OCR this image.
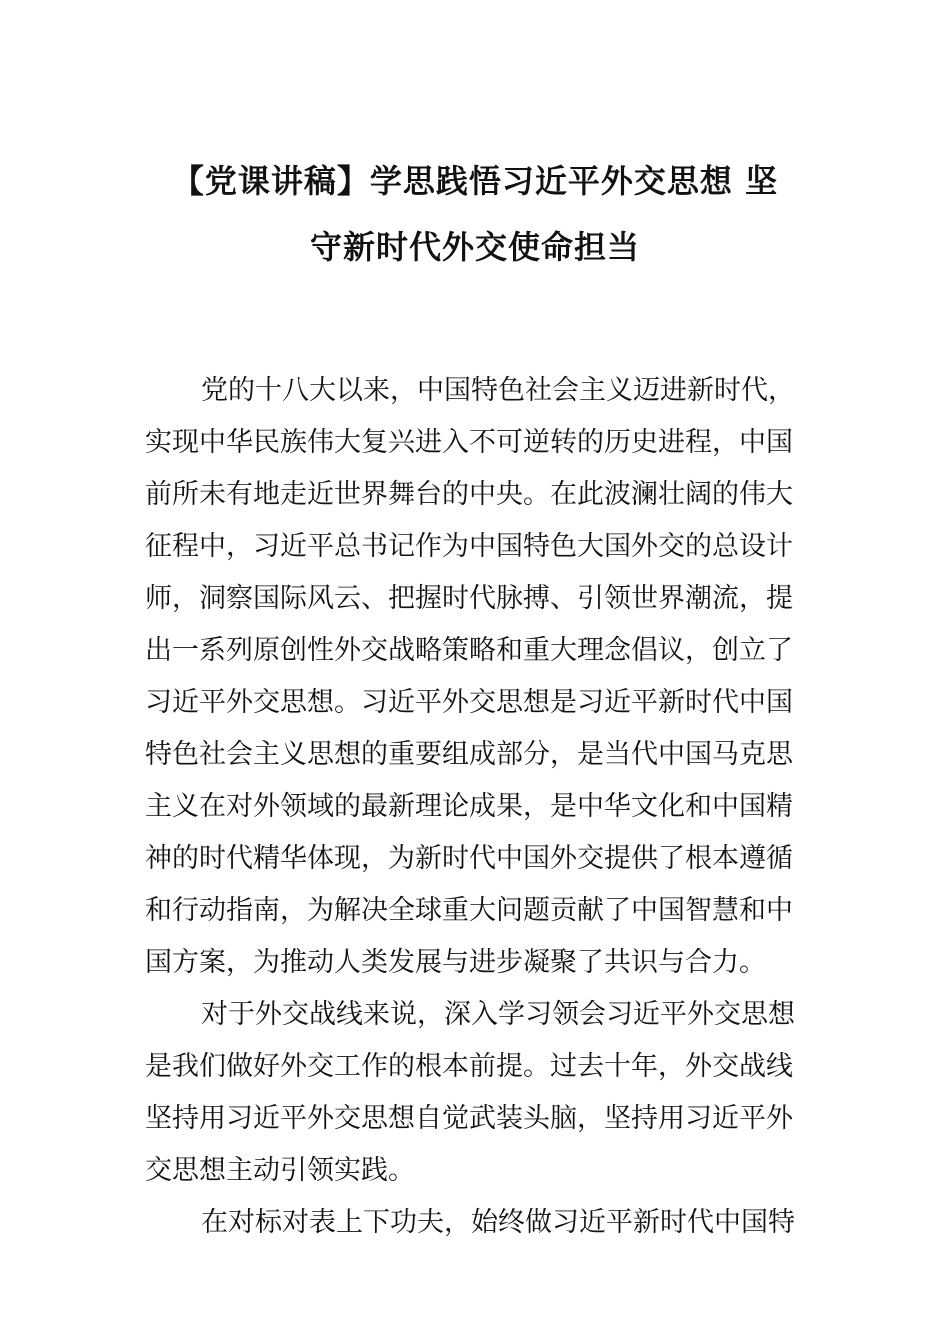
【党课讲稿】学思践悟习近平外交思想 坚
守新时代外交使命担当

党的十八大以来，中国特色社会主义迈进新时代，
实现中华民族伟大复兴进入不可逆转的历史进程，中国
前所未有地走近世界舞台的中央。在此波澜壮阔的伟大
征程中，习近平总书记作为中国特色大国外交的总设计
师，洞察国际风云、把握时代脉搏、引领世界潮流，提
出一系列原创性外交战略策略和重大理念倡议，创立了
习近平外交思想。习近平外交思想是习近平新时代中国
特色社会主义思想的重要组成部分，是当代中国马克思
主义在对外领域的最新理论成果，是中华文化和中国精
神的时代精华体现，为新时代中国外交提供了根本遵循
和行动指南，为解决全球重大问题贡献了中国智慧和中
国方案，为推动人类发展与进步凝聚了共识与合力。

对于外交战线来说，深入学习领会习近平外交思想
是我们做好外交工作的根本前提。过去十年，外交战线
坚持用习近平外交思想自觉武装头脑，坚持用习近平外
交思想主动引领实践。

在对标对表上下功夫，始终做习近平新时代中国特
